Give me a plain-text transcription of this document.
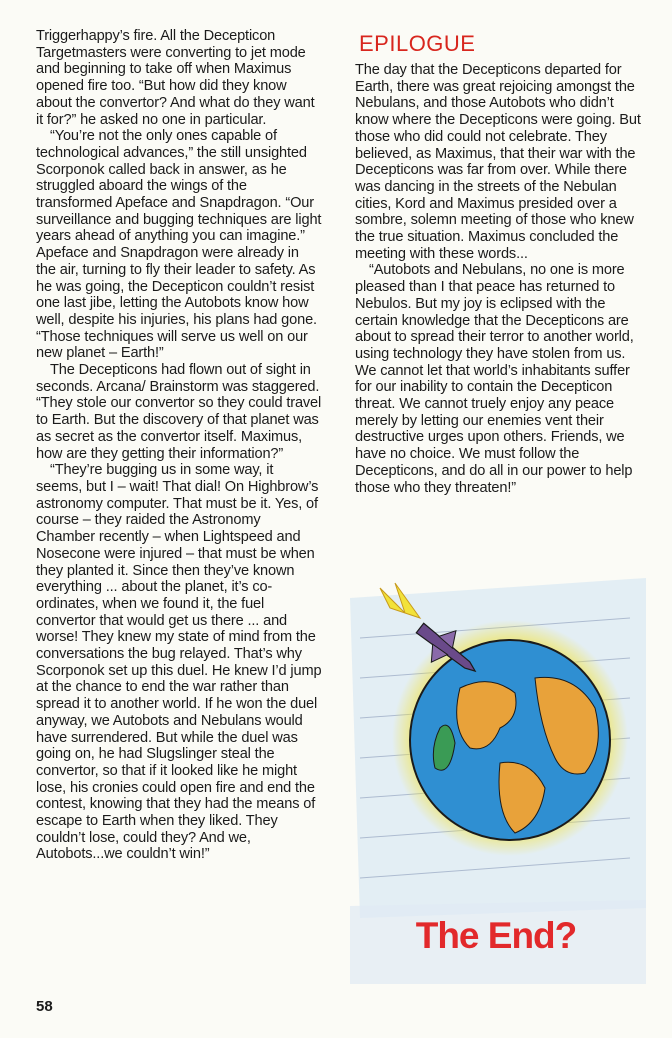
Triggerhappy’s fire. All the Decepticon Targetmasters were converting to jet mode and beginning to take off when Maximus opened fire too. “But how did they know about the convertor? And what do they want it for?” he asked no one in particular.

“You’re not the only ones capable of technological advances,” the still unsighted Scorponok called back in answer, as he struggled aboard the wings of the transformed Apeface and Snapdragon. “Our surveillance and bugging techniques are light years ahead of anything you can imagine.” Apeface and Snapdragon were already in the air, turning to fly their leader to safety. As he was going, the Decepticon couldn’t resist one last jibe, letting the Autobots know how well, despite his injuries, his plans had gone. “Those techniques will serve us well on our new planet – Earth!”

The Decepticons had flown out of sight in seconds. Arcana/ Brainstorm was staggered. “They stole our convertor so they could travel to Earth. But the discovery of that planet was as secret as the convertor itself. Maximus, how are they getting their information?”

“They’re bugging us in some way, it seems, but I – wait! That dial! On Highbrow’s astronomy computer. That must be it. Yes, of course – they raided the Astronomy Chamber recently – when Lightspeed and Nosecone were injured – that must be when they planted it. Since then they’ve known everything ... about the planet, it’s co-ordinates, when we found it, the fuel convertor that would get us there ... and worse! They knew my state of mind from the conversations the bug relayed. That’s why Scorponok set up this duel. He knew I’d jump at the chance to end the war rather than spread it to another world. If he won the duel anyway, we Autobots and Nebulans would have surrendered. But while the duel was going on, he had Slugslinger steal the convertor, so that if it looked like he might lose, his cronies could open fire and end the contest, knowing that they had the means of escape to Earth when they liked. They couldn’t lose, could they? And we, Autobots...we couldn’t win!”

EPILOGUE

The day that the Decepticons departed for Earth, there was great rejoicing amongst the Nebulans, and those Autobots who didn’t know where the Decepticons were going. But those who did could not celebrate. They believed, as Maximus, that their war with the Decepticons was far from over. While there was dancing in the streets of the Nebulan cities, Kord and Maximus presided over a sombre, solemn meeting of those who knew the true situation. Maximus concluded the meeting with these words...

“Autobots and Nebulans, no one is more pleased than I that peace has returned to Nebulos. But my joy is eclipsed with the certain knowledge that the Decepticons are about to spread their terror to another world, using technology they have stolen from us. We cannot let that world’s inhabitants suffer for our inability to contain the Decepticon threat. We cannot truely enjoy any peace merely by letting our enemies vent their destructive urges upon others. Friends, we have no choice. We must follow the Decepticons, and do all in our power to help those who they threaten!”

The End?
58
